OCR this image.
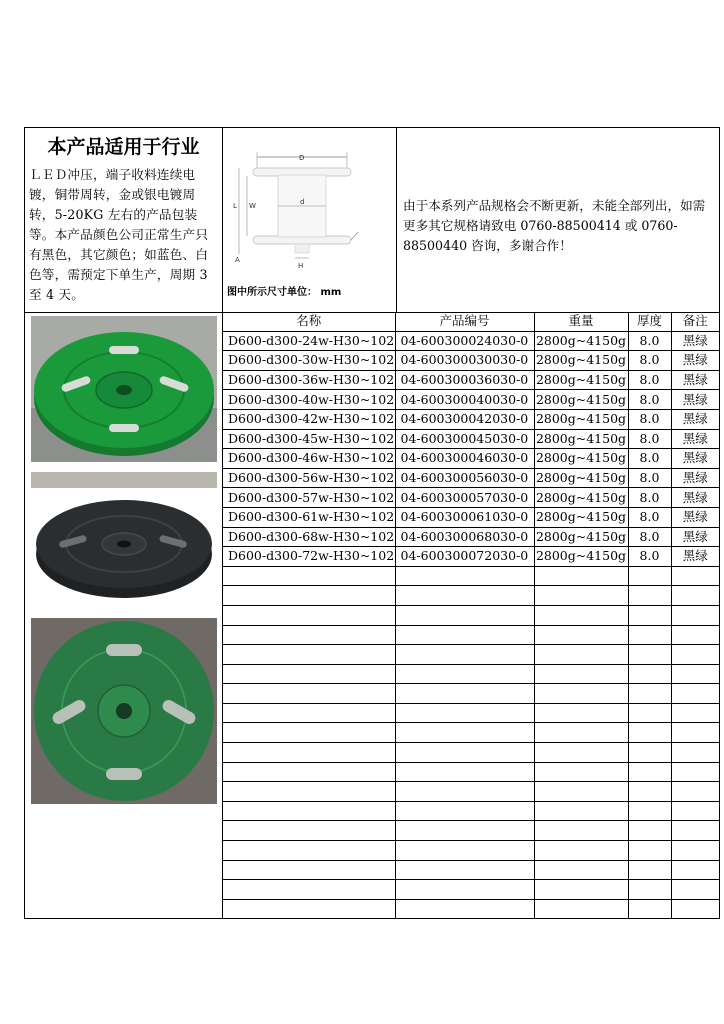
本产品适用于行业

ＬＥＤ冲压，端子收料连续电镀，铜带周转，金或银电镀周转，5-20KG 左右的产品包装等。本产品颜色公司正常生产只有黑色，其它颜色；如蓝色、白色等，需预定下单生产，周期 3 至 4 天。

D
d
L W
H
A
图中所示尺寸单位： mm
由于本系列产品规格会不断更新，未能全部列出，如需更多其它规格请致电 0760-88500414 或 0760-88500440 咨询，多谢合作！
名称	产品编号	重量	厚度	备注
D600-d300-24w-H30~102	04-600300024030-0	2800g~4150g	8.0	黑绿
D600-d300-30w-H30~102	04-600300030030-0	2800g~4150g	8.0	黑绿
D600-d300-36w-H30~102	04-600300036030-0	2800g~4150g	8.0	黑绿
D600-d300-40w-H30~102	04-600300040030-0	2800g~4150g	8.0	黑绿
D600-d300-42w-H30~102	04-600300042030-0	2800g~4150g	8.0	黑绿
D600-d300-45w-H30~102	04-600300045030-0	2800g~4150g	8.0	黑绿
D600-d300-46w-H30~102	04-600300046030-0	2800g~4150g	8.0	黑绿
D600-d300-56w-H30~102	04-600300056030-0	2800g~4150g	8.0	黑绿
D600-d300-57w-H30~102	04-600300057030-0	2800g~4150g	8.0	黑绿
D600-d300-61w-H30~102	04-600300061030-0	2800g~4150g	8.0	黑绿
D600-d300-68w-H30~102	04-600300068030-0	2800g~4150g	8.0	黑绿
D600-d300-72w-H30~102	04-600300072030-0	2800g~4150g	8.0	黑绿
